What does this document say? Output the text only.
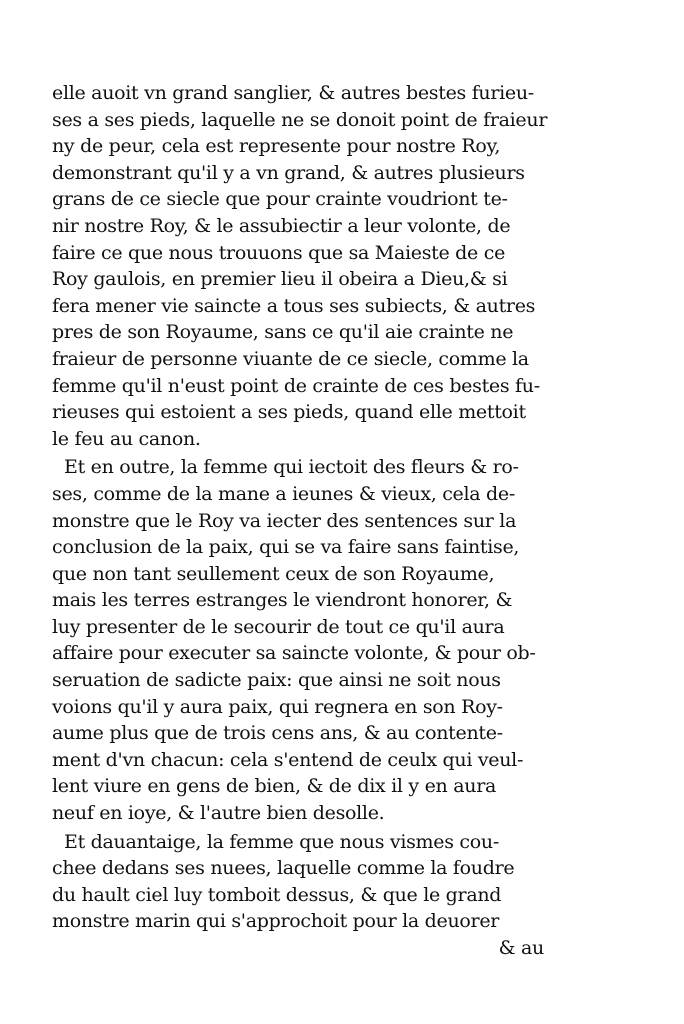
elle auoit vn grand sanglier, & autres bestes furieu-
ses a ses pieds, laquelle ne se donoit point de fraieur
ny de peur, cela est represente pour nostre Roy,
demonstrant qu'il y a vn grand, & autres plusieurs
grans de ce siecle que pour crainte voudriont te-
nir nostre Roy, & le assubiectir a leur volonte, de
faire ce que nous trouuons que sa Maieste de ce
Roy gaulois, en premier lieu il obeira a Dieu,& si
fera mener vie saincte a tous ses subiects, & autres
pres de son Royaume, sans ce qu'il aie crainte ne
fraieur de personne viuante de ce siecle, comme la
femme qu'il n'eust point de crainte de ces bestes fu-
rieuses qui estoient a ses pieds, quand elle mettoit
le feu au canon.
Et en outre, la femme qui iectoit des fleurs & ro-
ses, comme de la mane a ieunes & vieux, cela de-
monstre que le Roy va iecter des sentences sur la
conclusion de la paix, qui se va faire sans faintise,
que non tant seullement ceux de son Royaume,
mais les terres estranges le viendront honorer, &
luy presenter de le secourir de tout ce qu'il aura
affaire pour executer sa saincte volonte, & pour ob-
seruation de sadicte paix: que ainsi ne soit nous
voions qu'il y aura paix, qui regnera en son Roy-
aume plus que de trois cens ans, & au contente-
ment d'vn chacun: cela s'entend de ceulx qui veul-
lent viure en gens de bien, & de dix il y en aura
neuf en ioye, & l'autre bien desolle.
Et dauantaige, la femme que nous vismes cou-
chee dedans ses nuees, laquelle comme la foudre
du hault ciel luy tomboit dessus, & que le grand
monstre marin qui s'approchoit pour la deuorer
& au
